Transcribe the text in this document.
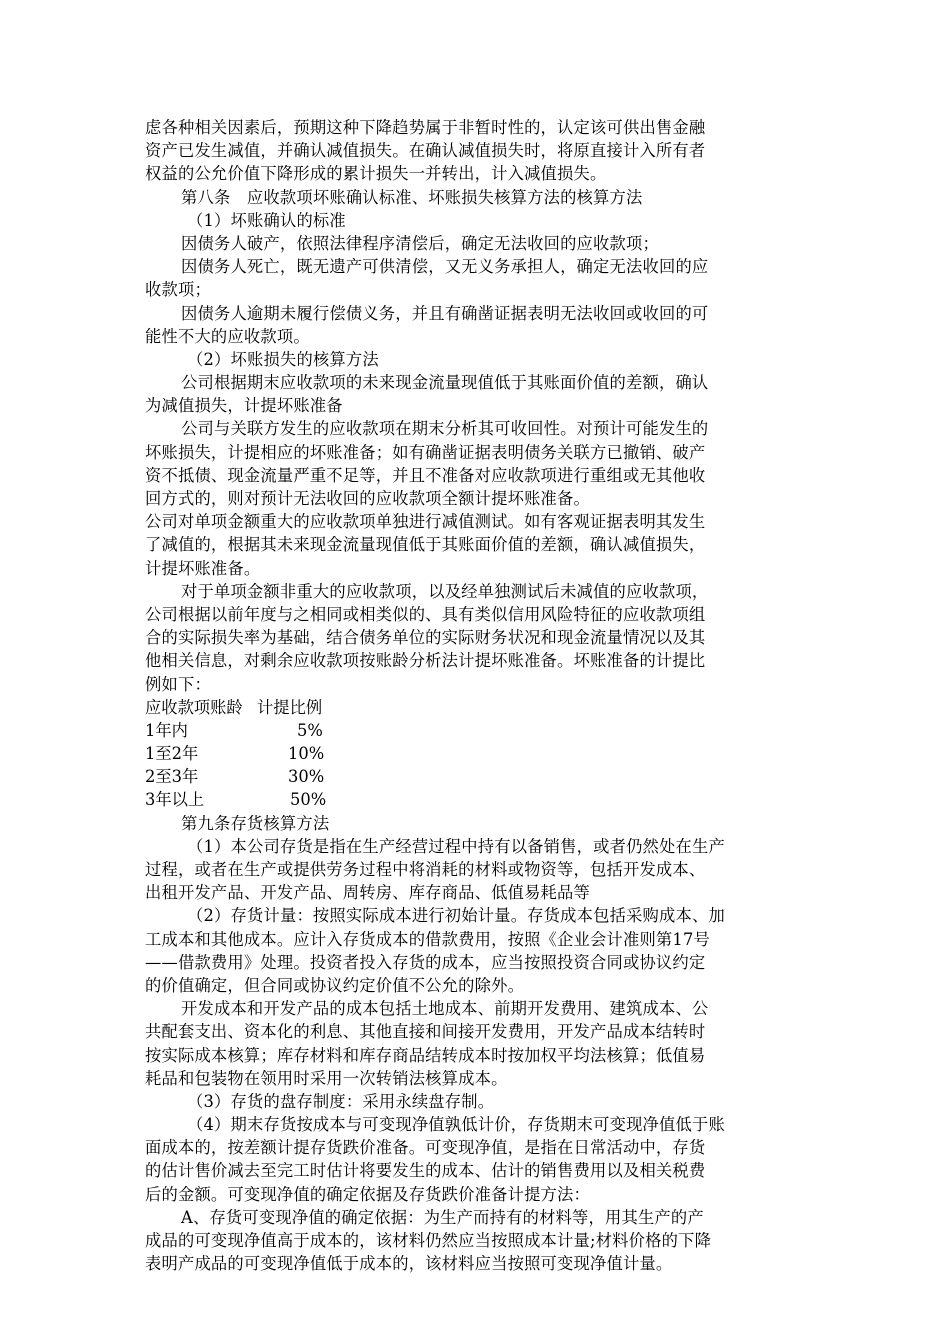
虑各种相关因素后，预期这种下降趋势属于非暂时性的，认定该可供出售金融
资产已发生减值，并确认减值损失。在确认减值损失时，将原直接计入所有者
权益的公允价值下降形成的累计损失一并转出，计入减值损失。
第八条　应收款项坏账确认标准、坏账损失核算方法的核算方法
（1）坏账确认的标准
因债务人破产，依照法律程序清偿后，确定无法收回的应收款项；
因债务人死亡，既无遗产可供清偿，又无义务承担人，确定无法收回的应
收款项；
因债务人逾期未履行偿债义务，并且有确凿证据表明无法收回或收回的可
能性不大的应收款项。
（2）坏账损失的核算方法
公司根据期末应收款项的未来现金流量现值低于其账面价值的差额，确认
为减值损失，计提坏账准备
公司与关联方发生的应收款项在期末分析其可收回性。对预计可能发生的
坏账损失，计提相应的坏账准备；如有确凿证据表明债务关联方已撤销、破产
资不抵债、现金流量严重不足等，并且不准备对应收款项进行重组或无其他收
回方式的，则对预计无法收回的应收款项全额计提坏账准备。
公司对单项金额重大的应收款项单独进行减值测试。如有客观证据表明其发生
了减值的，根据其未来现金流量现值低于其账面价值的差额，确认减值损失，
计提坏账准备。
对于单项金额非重大的应收款项，以及经单独测试后未减值的应收款项，
公司根据以前年度与之相同或相类似的、具有类似信用风险特征的应收款项组
合的实际损失率为基础，结合债务单位的实际财务状况和现金流量情况以及其
他相关信息，对剩余应收款项按账龄分析法计提坏账准备。坏账准备的计提比
例如下：
应收款项账龄 计提比例
1年内	5%
1至2年	10%
2至3年	30%
3年以上	50%
第九条存货核算方法
（1）本公司存货是指在生产经营过程中持有以备销售，或者仍然处在生产
过程，或者在生产或提供劳务过程中将消耗的材料或物资等，包括开发成本、
出租开发产品、开发产品、周转房、库存商品、低值易耗品等
（2）存货计量：按照实际成本进行初始计量。存货成本包括采购成本、加
工成本和其他成本。应计入存货成本的借款费用，按照《企业会计准则第17号
——借款费用》处理。投资者投入存货的成本，应当按照投资合同或协议约定
的价值确定，但合同或协议约定价值不公允的除外。
开发成本和开发产品的成本包括土地成本、前期开发费用、建筑成本、公
共配套支出、资本化的利息、其他直接和间接开发费用，开发产品成本结转时
按实际成本核算；库存材料和库存商品结转成本时按加权平均法核算；低值易
耗品和包装物在领用时采用一次转销法核算成本。
（3）存货的盘存制度：采用永续盘存制。
（4）期末存货按成本与可变现净值孰低计价，存货期末可变现净值低于账
面成本的，按差额计提存货跌价准备。可变现净值，是指在日常活动中，存货
的估计售价减去至完工时估计将要发生的成本、估计的销售费用以及相关税费
后的金额。可变现净值的确定依据及存货跌价准备计提方法：
A、存货可变现净值的确定依据：为生产而持有的材料等，用其生产的产
成品的可变现净值高于成本的，该材料仍然应当按照成本计量;材料价格的下降
表明产成品的可变现净值低于成本的，该材料应当按照可变现净值计量。
